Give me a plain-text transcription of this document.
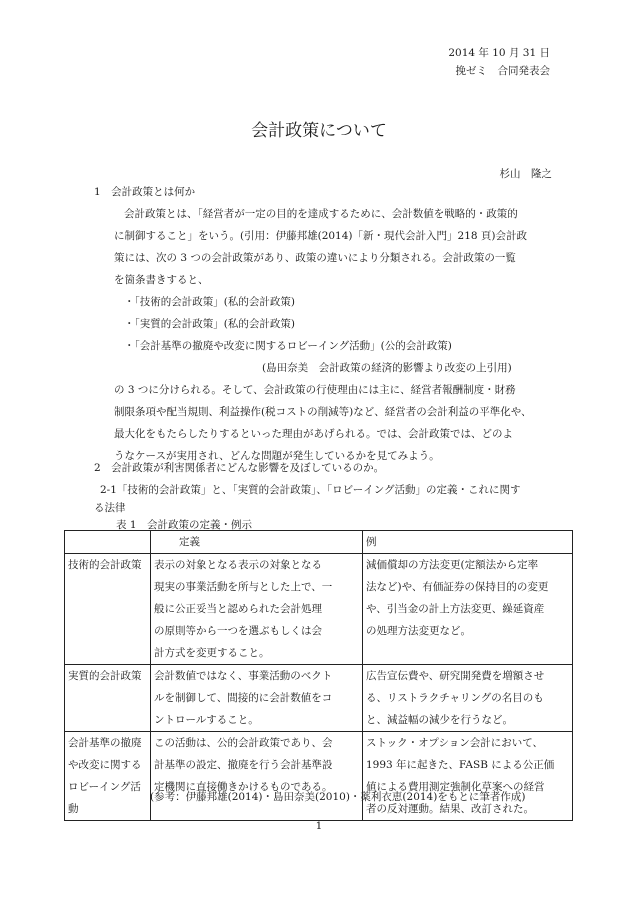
2014 年 10 月 31 日
挽ゼミ　合同発表会
会計政策について
杉山　隆之
1　会計政策とは何か
会計政策とは、「経営者が一定の目的を達成するために、会計数値を戦略的・政策的
に制御すること」をいう。(引用：伊藤邦雄(2014)「新・現代会計入門」218 頁)会計政
策には、次の 3 つの会計政策があり、政策の違いにより分類される。会計政策の一覧
を箇条書きすると、
・「技術的会計政策」(私的会計政策)
・「実質的会計政策」(私的会計政策)
・「会計基準の撤廃や改変に関するロビーイング活動」(公的会計政策)
(島田奈美　会計政策の経済的影響より改変の上引用)
の 3 つに分けられる。そして、会計政策の行使理由には主に、経営者報酬制度・財務
制限条項や配当規則、利益操作(税コストの削減等)など、経営者の会計利益の平準化や、
最大化をもたらしたりするといった理由があげられる。では、会計政策では、どのよ
うなケースが実用され、どんな問題が発生しているかを見てみよう。
2　会計政策が利害関係者にどんな影響を及ぼしているのか。
2-1「技術的会計政策」と、「実質的会計政策」、「ロビーイング活動」の定義・これに関す
る法律
表 1　会計政策の定義・例示
	定義	例

技術的会計政策	表示の対象となる表示の対象となる
現実の事業活動を所与とした上で、一
般に公正妥当と認められた会計処理
の原則等から一つを選ぶもしくは会
計方式を変更すること。	減価償却の方法変更(定額法から定率
法など)や、有価証券の保持目的の変更
や、引当金の計上方法変更、繰延資産
の処理方法変更など。

実質的会計政策	会計数値ではなく、事業活動のベクト
ルを制御して、間接的に会計数値をコ
ントロールすること。	広告宣伝費や、研究開発費を増額させ
る、リストラクチャリングの名目のも
と、減益幅の減少を行うなど。

会計基準の撤廃
や改変に関する
ロビーイング活
動	この活動は、公的会計政策であり、会
計基準の設定、撤廃を行う会計基準設
定機関に直接働きかけるものである。	ストック・オプション会計において、
1993 年に起きた、FASB による公正価
値による費用測定強制化草案への経営
者の反対運動。結果、改訂された。
(参考：伊藤邦雄(2014)・島田奈美(2010)・薬利衣恵(2014)をもとに筆者作成)
1
